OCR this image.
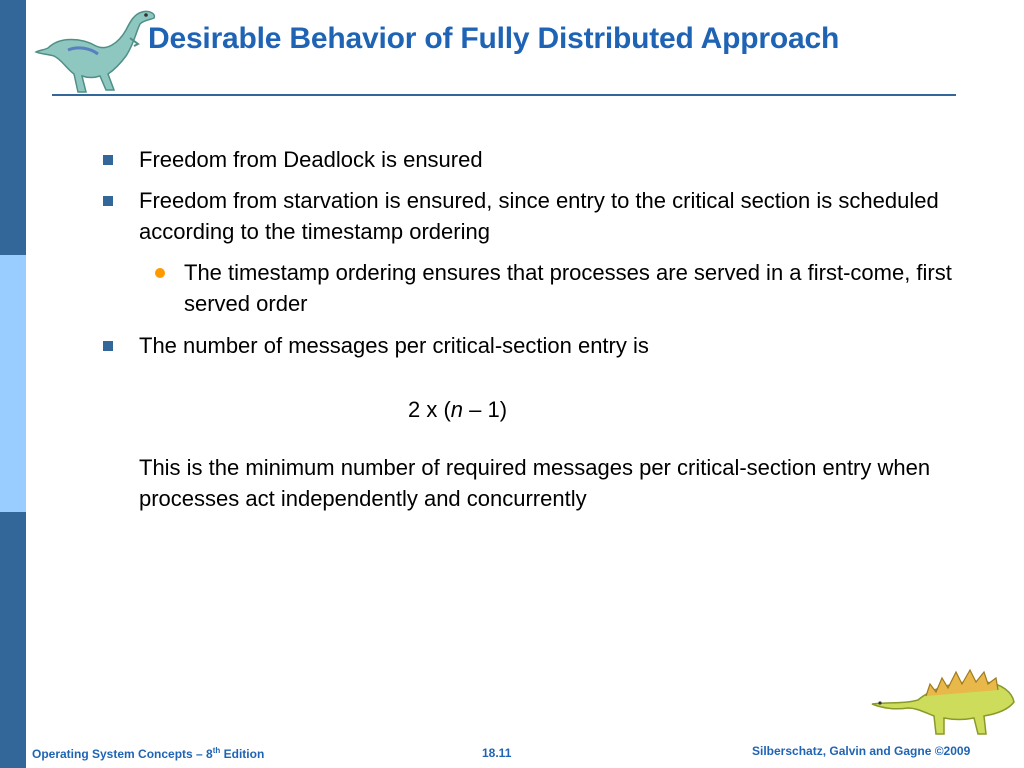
Desirable Behavior of Fully Distributed Approach

Freedom from Deadlock is ensured

Freedom from starvation is ensured, since entry to the critical section is scheduled according to the timestamp ordering

The timestamp ordering ensures that processes are served in a first-come, first served order

The number of messages per critical-section entry is

2 x (n – 1)

This is the minimum number of required messages per critical-section entry when processes act independently and concurrently

Operating System Concepts – 8th Edition	18.11	Silberschatz, Galvin and Gagne ©2009
